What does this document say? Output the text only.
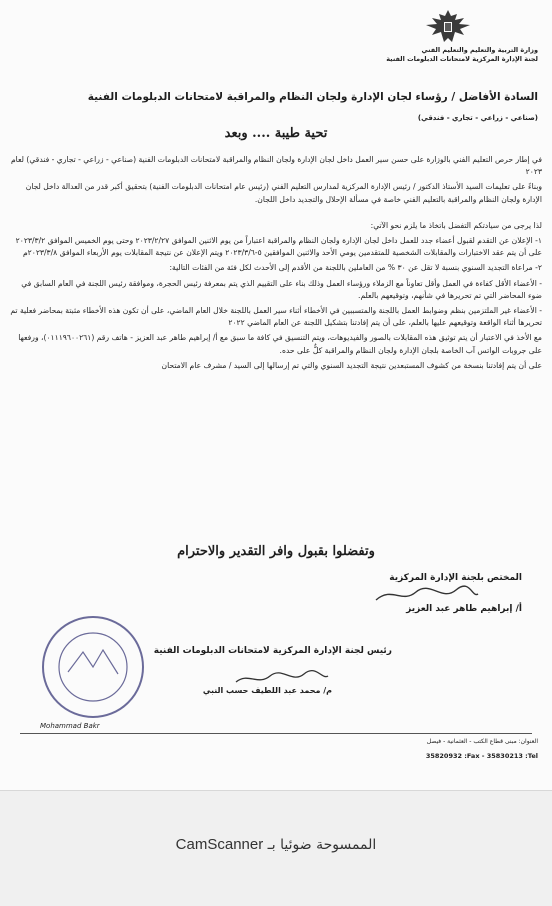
وزارة التربية والتعليم والتعليم الفني
لجنة الإدارة المركزية لامتحانات الدبلومات الفنية
السادة الأفاضل / رؤساء لجان الإدارة ولجان النظام والمراقبة لامتحانات الدبلومات الفنية
(صناعي - زراعي - تجاري - فندقي)
تحية طيبة .... وبعد

في إطار حرص التعليم الفني بالوزارة على حسن سير العمل داخل لجان الإدارة ولجان النظام والمراقبة لامتحانات الدبلومات الفنية (صناعي - زراعي - تجاري - فندقي) لعام ٢٠٢٣

وبناءً على تعليمات السيد الأستاذ الدكتور / رئيس الإدارة المركزية لمدارس التعليم الفني (رئيس عام امتحانات الدبلومات الفنية) بتحقيق أكبر قدر من العدالة داخل لجان الإدارة ولجان النظام والمراقبة بالتعليم الفني خاصة في مسألة الإحلال والتجديد داخل اللجان.

لذا يرجى من سيادتكم التفضل باتخاذ ما يلزم نحو الآتي:

١- الإعلان عن التقدم لقبول أعضاء جدد للعمل داخل لجان الإدارة ولجان النظام والمراقبة اعتباراً من يوم الاثنين الموافق ٢٠٢٣/٢/٢٧ وحتى يوم الخميس الموافق ٢٠٢٣/٣/٢ على أن يتم عقد الاختبارات والمقابلات الشخصية للمتقدمين يومي الأحد والاثنين الموافقين ٥-٢٠٢٣/٣/٦ ويتم الإعلان عن نتيجة المقابلات يوم الأربعاء الموافق ٢٠٢٣/٣/٨م

٢- مراعاة التجديد السنوي بنسبة لا تقل عن ٣٠ % من العاملين باللجنة من الأقدم إلى الأحدث لكل فئة من الفئات التالية:

- الأعضاء الأقل كفاءة في العمل وأقل تعاوناً مع الزملاء ورؤساء العمل وذلك بناء على التقييم الذي يتم بمعرفة رئيس الحجرة، وموافقة رئيس اللجنة في العام السابق في ضوء المحاضر التي تم تحريرها في شأنهم، وتوقيعهم بالعلم.

- الأعضاء غير الملتزمين بنظم وضوابط العمل باللجنة والمتسببين في الأخطاء أثناء سير العمل باللجنة خلال العام الماضي، على أن تكون هذه الأخطاء مثبتة بمحاضر فعلية تم تحريرها أثناء الواقعة وتوقيعهم عليها بالعلم، على أن يتم إفادتنا بتشكيل اللجنة عن العام الماضي ٢٠٢٢

مع الأخذ في الاعتبار أن يتم توثيق هذه المقابلات بالصور والفيديوهات، ويتم التنسيق في كافة ما سبق مع أ/ إبراهيم طاهر عبد العزيز - هاتف رقم (٠١١١٩٦٠٠٢٦١)، ورفعها على جروبات الواتس آب الخاصة بلجان الإدارة ولجان النظام والمراقبة كلٌّ على حده.

على أن يتم إفادتنا بنسخة من كشوف المستبعدين نتيجة التجديد السنوي والتي تم إرسالها إلى السيد / مشرف عام الامتحان

وتفضلوا بقبول وافر التقدير والاحترام
المختص بلجنة الإدارة المركزية
أ/ إبراهيم طاهر عبد العزيز
رئيس لجنة الإدارة المركزية لامتحانات الدبلومات الفنية
م/ محمد عبد اللطيف حسب النبي
Mohammad Bakr
العنوان: مبنى قطاع الكتب - العثمانية - فيصل
35820932 :Fax - 35830213 :Tel
CamScanner الممسوحة ضوئيا بـ
